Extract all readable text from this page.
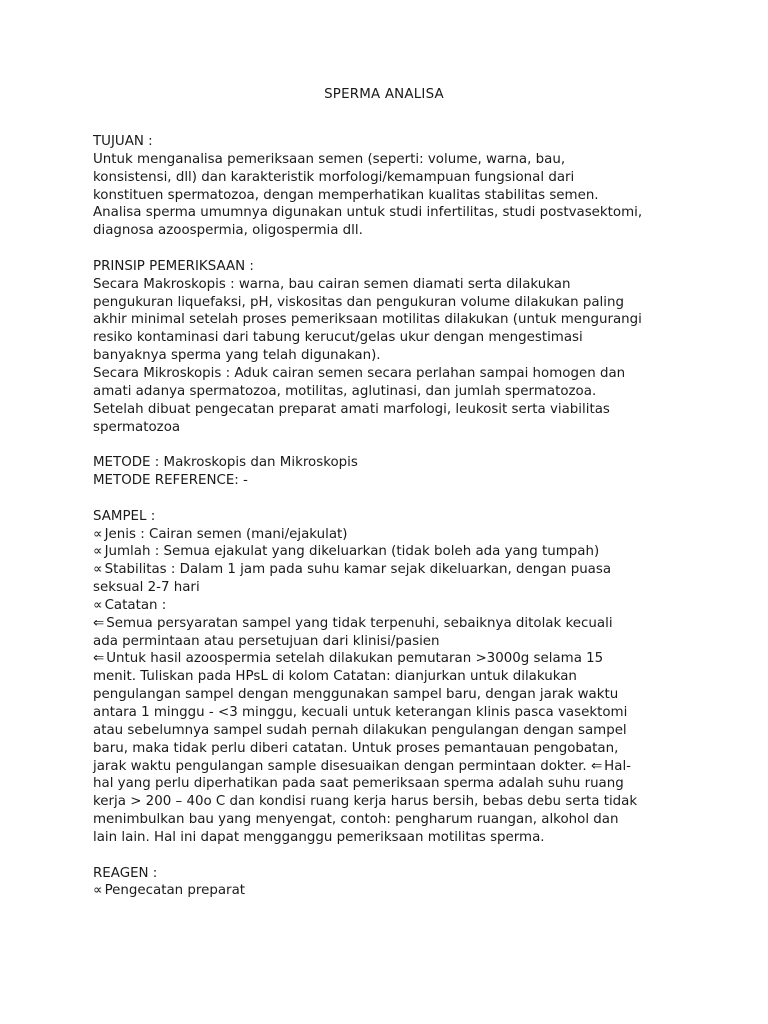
SPERMA ANALISA
TUJUAN :
Untuk menganalisa pemeriksaan semen (seperti: volume, warna, bau,
konsistensi, dll) dan karakteristik morfologi/kemampuan fungsional dari
konstituen spermatozoa, dengan memperhatikan kualitas stabilitas semen.
Analisa sperma umumnya digunakan untuk studi infertilitas, studi postvasektomi,
diagnosa azoospermia, oligospermia dll.
PRINSIP PEMERIKSAAN :
Secara Makroskopis : warna, bau cairan semen diamati serta dilakukan
pengukuran liquefaksi, pH, viskositas dan pengukuran volume dilakukan paling
akhir minimal setelah proses pemeriksaan motilitas dilakukan (untuk mengurangi
resiko kontaminasi dari tabung kerucut/gelas ukur dengan mengestimasi
banyaknya sperma yang telah digunakan).
Secara Mikroskopis : Aduk cairan semen secara perlahan sampai homogen dan
amati adanya spermatozoa, motilitas, aglutinasi, dan jumlah spermatozoa.
Setelah dibuat pengecatan preparat amati marfologi, leukosit serta viabilitas
spermatozoa
METODE : Makroskopis dan Mikroskopis
METODE REFERENCE: -
SAMPEL :
∝ Jenis : Cairan semen (mani/ejakulat)
∝ Jumlah : Semua ejakulat yang dikeluarkan (tidak boleh ada yang tumpah)
∝ Stabilitas : Dalam 1 jam pada suhu kamar sejak dikeluarkan, dengan puasa
seksual 2-7 hari
∝ Catatan :
⇐ Semua persyaratan sampel yang tidak terpenuhi, sebaiknya ditolak kecuali
ada permintaan atau persetujuan dari klinisi/pasien
⇐ Untuk hasil azoospermia setelah dilakukan pemutaran >3000g selama 15
menit. Tuliskan pada HPsL di kolom Catatan: dianjurkan untuk dilakukan
pengulangan sampel dengan menggunakan sampel baru, dengan jarak waktu
antara 1 minggu - <3 minggu, kecuali untuk keterangan klinis pasca vasektomi
atau sebelumnya sampel sudah pernah dilakukan pengulangan dengan sampel
baru, maka tidak perlu diberi catatan. Untuk proses pemantauan pengobatan,
jarak waktu pengulangan sample disesuaikan dengan permintaan dokter. ⇐ Hal-
hal yang perlu diperhatikan pada saat pemeriksaan sperma adalah suhu ruang
kerja > 200 – 40o C dan kondisi ruang kerja harus bersih, bebas debu serta tidak
menimbulkan bau yang menyengat, contoh: pengharum ruangan, alkohol dan
lain lain. Hal ini dapat mengganggu pemeriksaan motilitas sperma.
REAGEN :
∝ Pengecatan preparat
